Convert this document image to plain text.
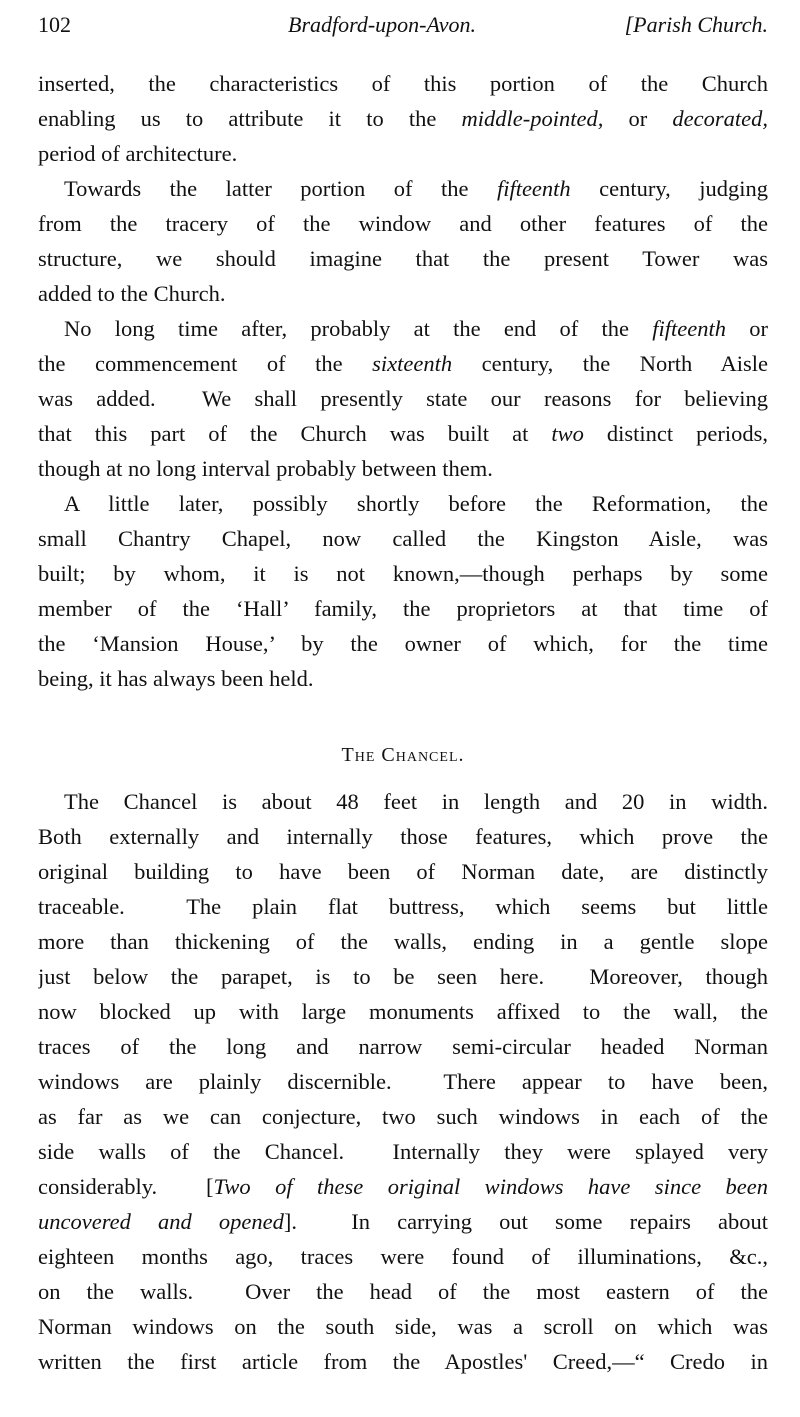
102	Bradford-upon-Avon.	[Parish Church.
inserted, the characteristics of this portion of the Church
enabling us to attribute it to the middle-pointed, or decorated,
period of architecture.
Towards the latter portion of the fifteenth century, judging
from the tracery of the window and other features of the
structure, we should imagine that the present Tower was
added to the Church.
No long time after, probably at the end of the fifteenth or
the commencement of the sixteenth century, the North Aisle
was added.  We shall presently state our reasons for believing
that this part of the Church was built at two distinct periods,
though at no long interval probably between them.
A little later, possibly shortly before the Reformation, the
small Chantry Chapel, now called the Kingston Aisle, was
built; by whom, it is not known,—though perhaps by some
member of the ‘Hall’ family, the proprietors at that time of
the ‘Mansion House,’ by the owner of which, for the time
being, it has always been held.
The Chancel.
The Chancel is about 48 feet in length and 20 in width.
Both externally and internally those features, which prove the
original building to have been of Norman date, are distinctly
traceable.  The plain flat buttress, which seems but little
more than thickening of the walls, ending in a gentle slope
just below the parapet, is to be seen here.  Moreover, though
now blocked up with large monuments affixed to the wall, the
traces of the long and narrow semi-circular headed Norman
windows are plainly discernible.  There appear to have been,
as far as we can conjecture, two such windows in each of the
side walls of the Chancel.  Internally they were splayed very
considerably.  [Two of these original windows have since been
uncovered and opened].  In carrying out some repairs about
eighteen months ago, traces were found of illuminations, &c.,
on the walls.  Over the head of the most eastern of the
Norman windows on the south side, was a scroll on which was
written the first article from the Apostles' Creed,—“ Credo in
